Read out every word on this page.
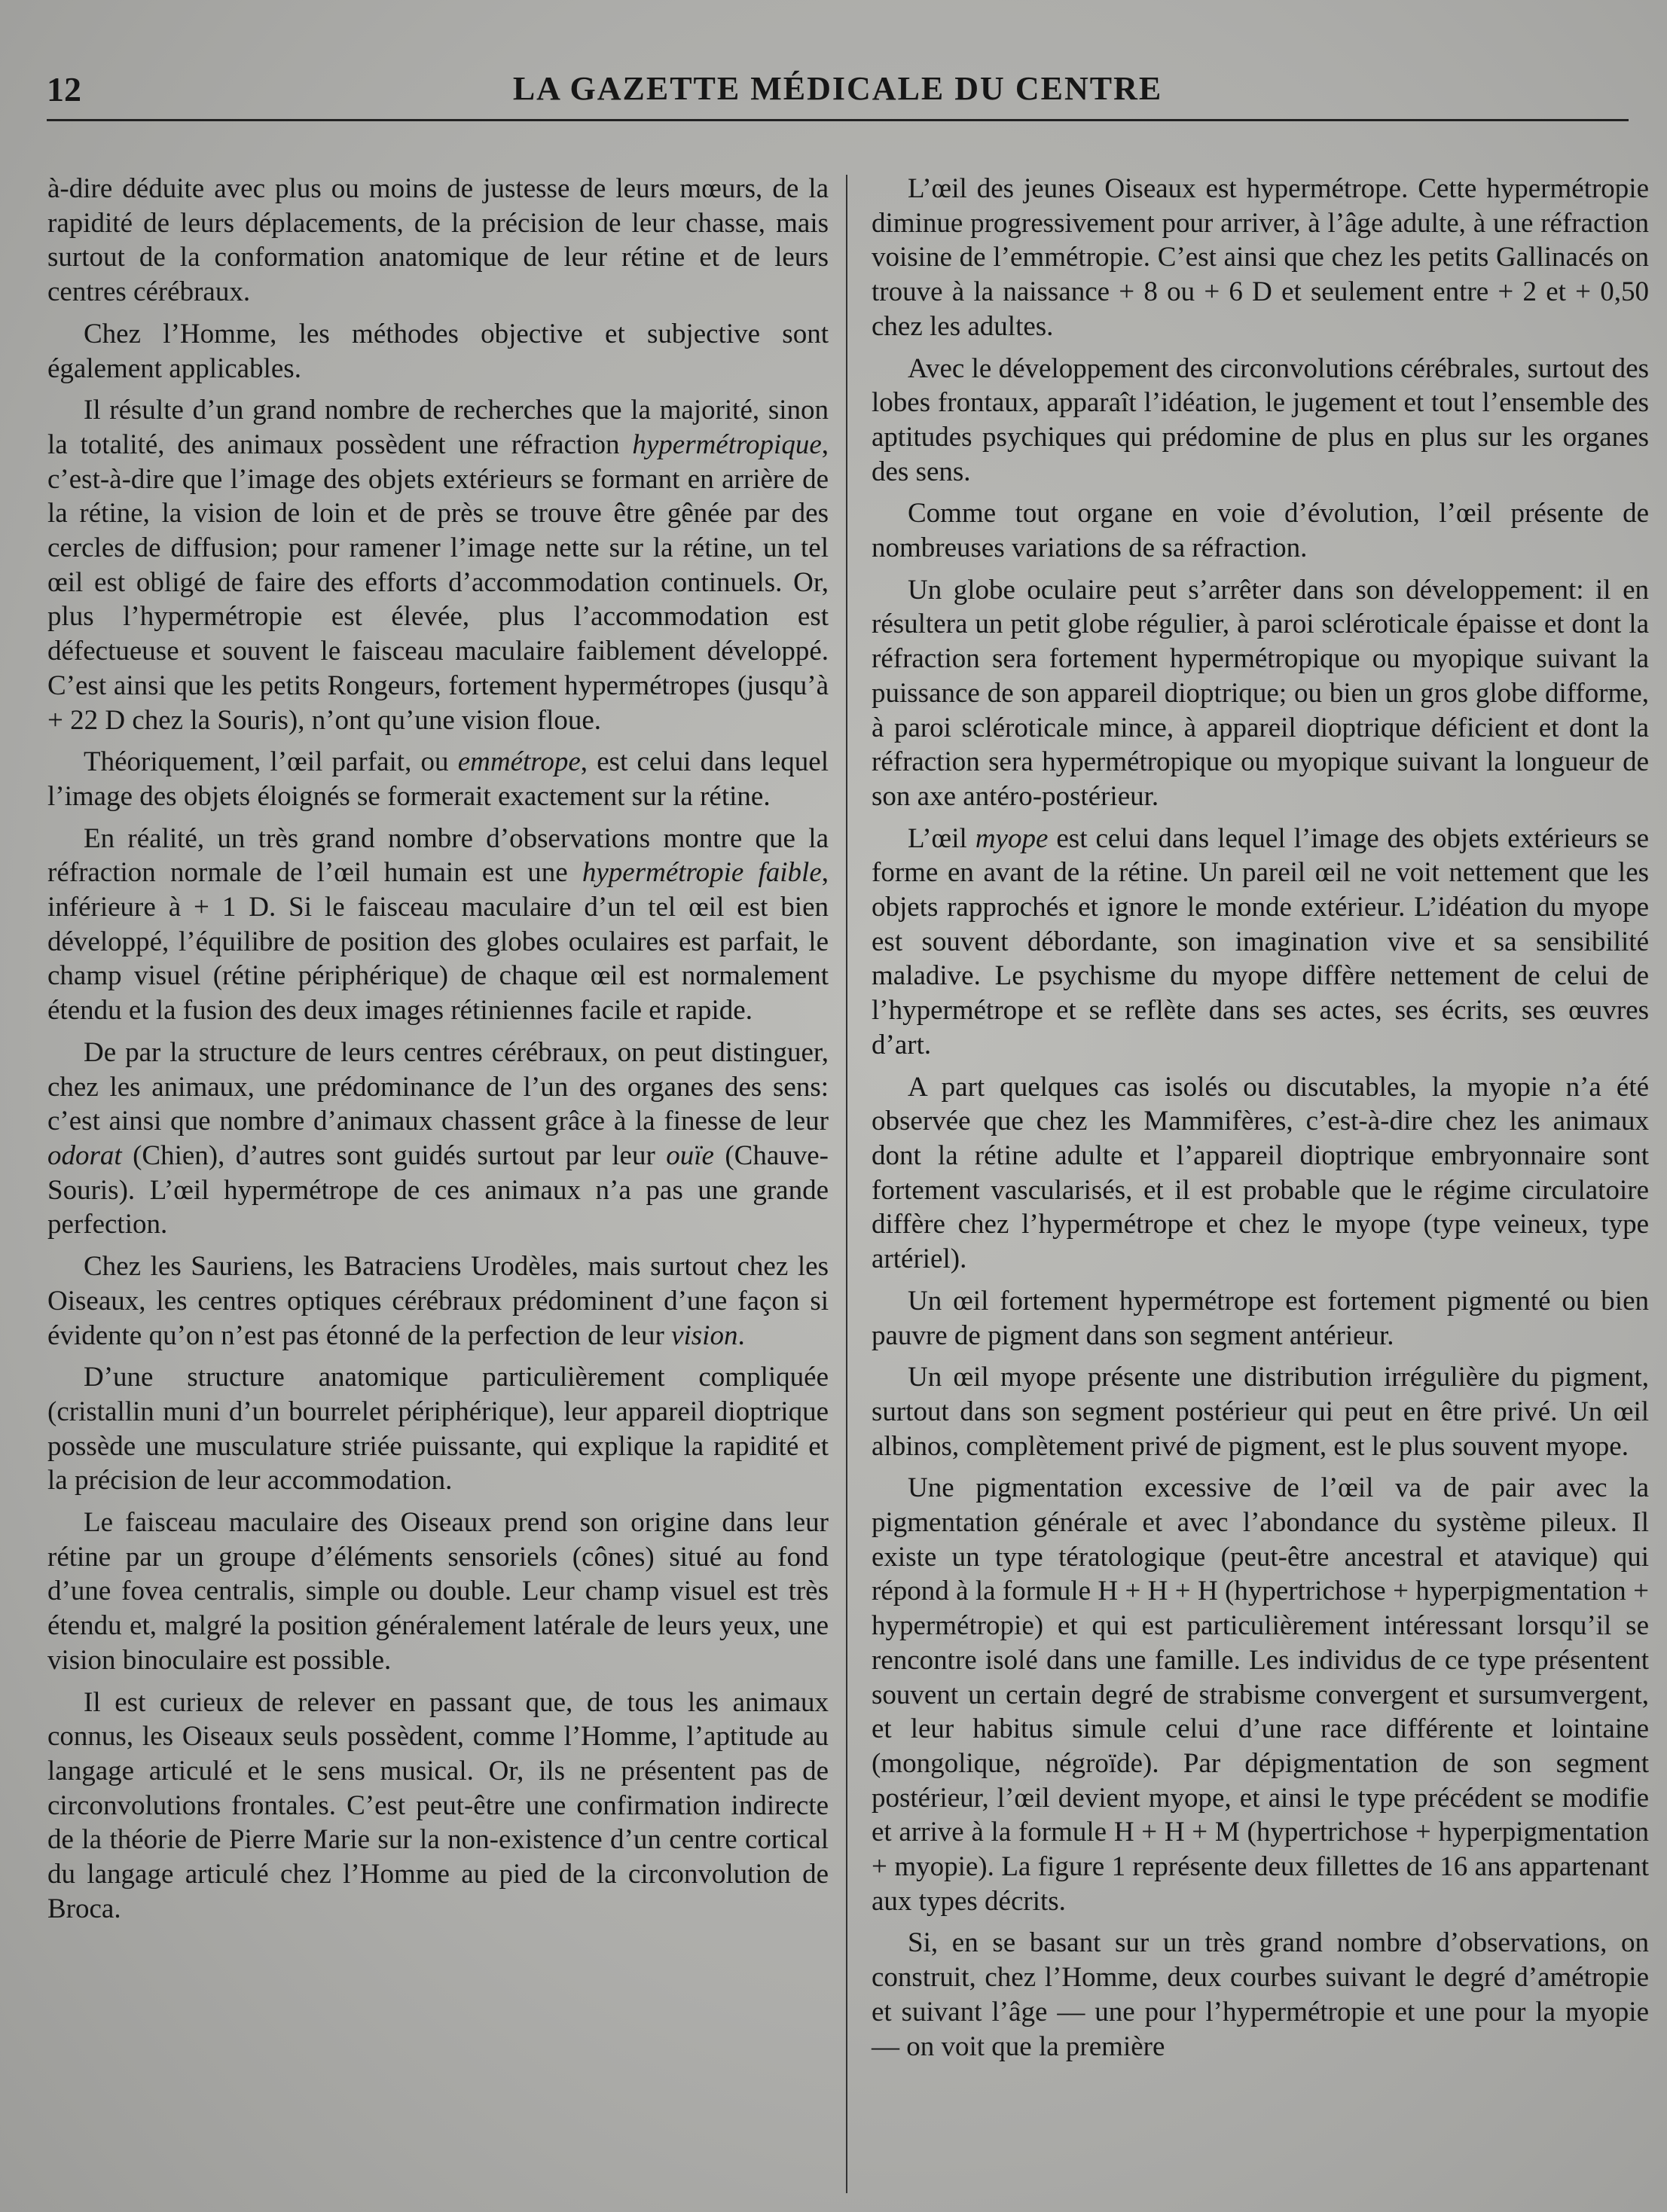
12	LA GAZETTE MÉDICALE DU CENTRE

à-dire déduite avec plus ou moins de justesse de leurs mœurs, de la rapidité de leurs déplacements, de la précision de leur chasse, mais surtout de la conformation anatomique de leur rétine et de leurs centres cérébraux.

Chez l’Homme, les méthodes objective et subjective sont également applicables.

Il résulte d’un grand nombre de recherches que la majorité, sinon la totalité, des animaux possèdent une réfraction hypermétropique, c’est-à-dire que l’image des objets extérieurs se formant en arrière de la rétine, la vision de loin et de près se trouve être gênée par des cercles de diffusion; pour ramener l’image nette sur la rétine, un tel œil est obligé de faire des efforts d’accommodation continuels. Or, plus l’hypermétropie est élevée, plus l’accommodation est défectueuse et souvent le faisceau maculaire faiblement développé. C’est ainsi que les petits Rongeurs, fortement hypermétropes (jusqu’à + 22 D chez la Souris), n’ont qu’une vision floue.

Théoriquement, l’œil parfait, ou emmétrope, est celui dans lequel l’image des objets éloignés se formerait exactement sur la rétine.

En réalité, un très grand nombre d’observations montre que la réfraction normale de l’œil humain est une hypermétropie faible, inférieure à + 1 D. Si le faisceau maculaire d’un tel œil est bien développé, l’équilibre de position des globes oculaires est parfait, le champ visuel (rétine périphérique) de chaque œil est normalement étendu et la fusion des deux images rétiniennes facile et rapide.

De par la structure de leurs centres cérébraux, on peut distinguer, chez les animaux, une prédominance de l’un des organes des sens: c’est ainsi que nombre d’animaux chassent grâce à la finesse de leur odorat (Chien), d’autres sont guidés surtout par leur ouïe (Chauve-Souris). L’œil hypermétrope de ces animaux n’a pas une grande perfection.

Chez les Sauriens, les Batraciens Urodèles, mais surtout chez les Oiseaux, les centres optiques cérébraux prédominent d’une façon si évidente qu’on n’est pas étonné de la perfection de leur vision.

D’une structure anatomique particulièrement compliquée (cristallin muni d’un bourrelet périphérique), leur appareil dioptrique possède une musculature striée puissante, qui explique la rapidité et la précision de leur accommodation.

Le faisceau maculaire des Oiseaux prend son origine dans leur rétine par un groupe d’éléments sensoriels (cônes) situé au fond d’une fovea centralis, simple ou double. Leur champ visuel est très étendu et, malgré la position généralement latérale de leurs yeux, une vision binoculaire est possible.

Il est curieux de relever en passant que, de tous les animaux connus, les Oiseaux seuls possèdent, comme l’Homme, l’aptitude au langage articulé et le sens musical. Or, ils ne présentent pas de circonvolutions frontales. C’est peut-être une confirmation indirecte de la théorie de Pierre Marie sur la non-existence d’un centre cortical du langage articulé chez l’Homme au pied de la circonvolution de Broca.

L’œil des jeunes Oiseaux est hypermétrope. Cette hypermétropie diminue progressivement pour arriver, à l’âge adulte, à une réfraction voisine de l’emmétropie. C’est ainsi que chez les petits Gallinacés on trouve à la naissance + 8 ou + 6 D et seulement entre + 2 et + 0,50 chez les adultes.

Avec le développement des circonvolutions cérébrales, surtout des lobes frontaux, apparaît l’idéation, le jugement et tout l’ensemble des aptitudes psychiques qui prédomine de plus en plus sur les organes des sens.

Comme tout organe en voie d’évolution, l’œil présente de nombreuses variations de sa réfraction.

Un globe oculaire peut s’arrêter dans son développement: il en résultera un petit globe régulier, à paroi scléroticale épaisse et dont la réfraction sera fortement hypermétropique ou myopique suivant la puissance de son appareil dioptrique; ou bien un gros globe difforme, à paroi scléroticale mince, à appareil dioptrique déficient et dont la réfraction sera hypermétropique ou myopique suivant la longueur de son axe antéro-postérieur.

L’œil myope est celui dans lequel l’image des objets extérieurs se forme en avant de la rétine. Un pareil œil ne voit nettement que les objets rapprochés et ignore le monde extérieur. L’idéation du myope est souvent débordante, son imagination vive et sa sensibilité maladive. Le psychisme du myope diffère nettement de celui de l’hypermétrope et se reflète dans ses actes, ses écrits, ses œuvres d’art.

A part quelques cas isolés ou discutables, la myopie n’a été observée que chez les Mammifères, c’est-à-dire chez les animaux dont la rétine adulte et l’appareil dioptrique embryonnaire sont fortement vascularisés, et il est probable que le régime circulatoire diffère chez l’hypermétrope et chez le myope (type veineux, type artériel).

Un œil fortement hypermétrope est fortement pigmenté ou bien pauvre de pigment dans son segment antérieur.

Un œil myope présente une distribution irrégulière du pigment, surtout dans son segment postérieur qui peut en être privé. Un œil albinos, complètement privé de pigment, est le plus souvent myope.

Une pigmentation excessive de l’œil va de pair avec la pigmentation générale et avec l’abondance du système pileux. Il existe un type tératologique (peut-être ancestral et atavique) qui répond à la formule H + H + H (hypertrichose + hyperpigmentation + hypermétropie) et qui est particulièrement intéressant lorsqu’il se rencontre isolé dans une famille. Les individus de ce type présentent souvent un certain degré de strabisme convergent et sursumvergent, et leur habitus simule celui d’une race différente et lointaine (mongolique, négroïde). Par dépigmentation de son segment postérieur, l’œil devient myope, et ainsi le type précédent se modifie et arrive à la formule H + H + M (hypertrichose + hyperpigmentation + myopie). La figure 1 représente deux fillettes de 16 ans appartenant aux types décrits.

Si, en se basant sur un très grand nombre d’observations, on construit, chez l’Homme, deux courbes suivant le degré d’amétropie et suivant l’âge — une pour l’hypermétropie et une pour la myopie — on voit que la première
